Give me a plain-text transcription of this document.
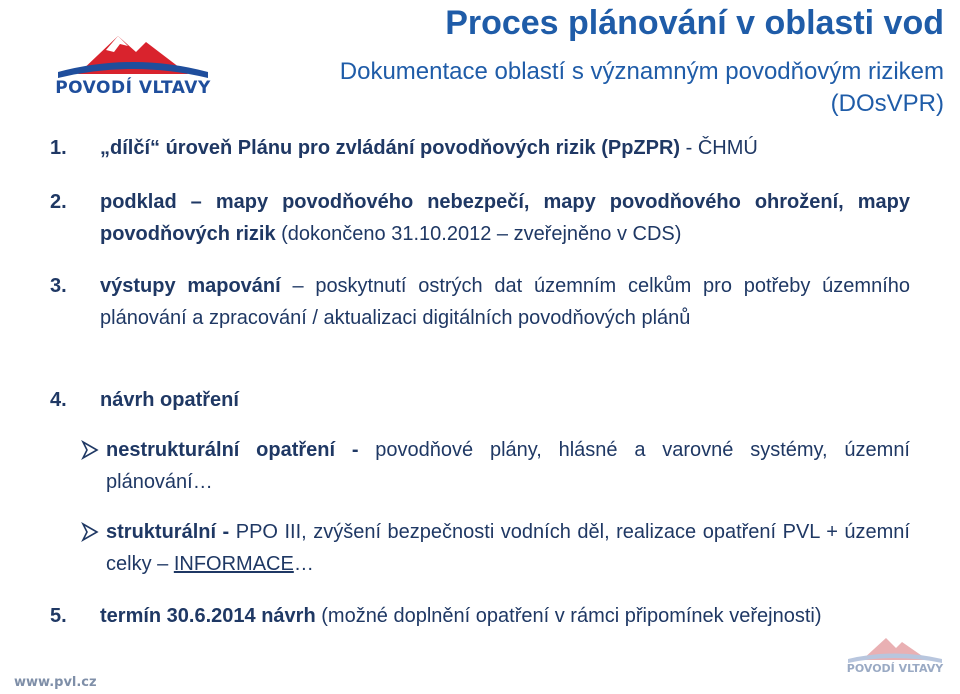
POVODÍ VLTAVY
Proces plánování v oblasti vod
Dokumentace oblastí s významným povodňovým rizikem
(DOsVPR)
1. „dílčí“ úroveň Plánu pro zvládání povodňových rizik (PpZPR) - ČHMÚ
2. podklad – mapy povodňového nebezpečí, mapy povodňového ohrožení, mapy povodňových rizik (dokončeno 31.10.2012 – zveřejněno v CDS)
3. výstupy mapování – poskytnutí ostrých dat územním celkům pro potřeby územního plánování a zpracování / aktualizaci digitálních povodňových plánů
4. návrh opatření
nestrukturální opatření - povodňové plány, hlásné a varovné systémy, územní plánování…
strukturální - PPO III, zvýšení bezpečnosti vodních děl, realizace opatření PVL + územní celky – INFORMACE…
5. termín 30.6.2014 návrh (možné doplnění opatření v rámci připomínek veřejnosti)
www.pvl.cz
POVODÍ VLTAVY
